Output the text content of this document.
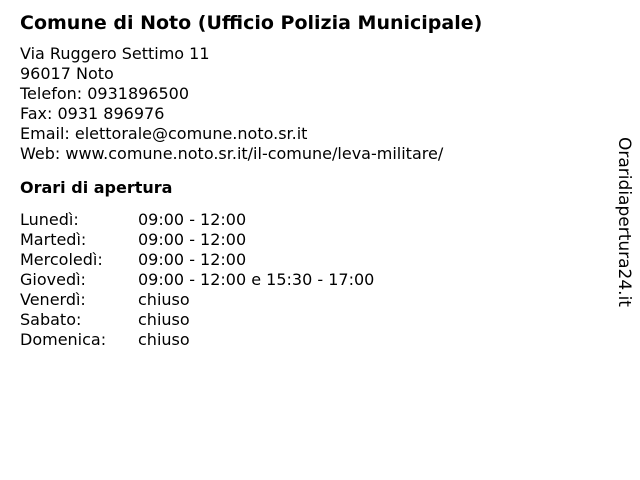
Comune di Noto (Ufficio Polizia Municipale)
Via Ruggero Settimo 11
96017 Noto
Telefon: 0931896500
Fax: 0931 896976
Email: elettorale@comune.noto.sr.it
Web: www.comune.noto.sr.it/il-comune/leva-militare/
Orari di apertura
Lunedì:	09:00 - 12:00
Martedì:	09:00 - 12:00
Mercoledì:	09:00 - 12:00
Giovedì:	09:00 - 12:00 e 15:30 - 17:00
Venerdì:	chiuso
Sabato:	chiuso
Domenica:	chiuso
Oraridiapertura24.it
